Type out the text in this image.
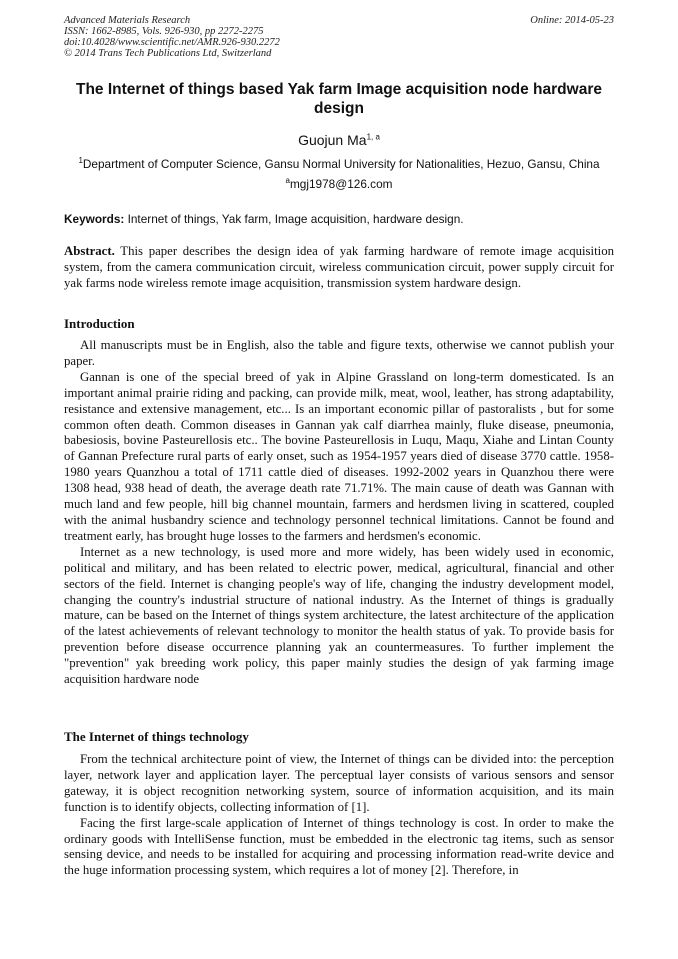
Advanced Materials Research
ISSN: 1662-8985, Vols. 926-930, pp 2272-2275
doi:10.4028/www.scientific.net/AMR.926-930.2272
© 2014 Trans Tech Publications Ltd, Switzerland
Online: 2014-05-23
The Internet of things based Yak farm Image acquisition node hardware design
Guojun Ma$^{1, a}$
$^1$Department of Computer Science, Gansu Normal University for Nationalities, Hezuo, Gansu, China
$^a$mgj1978@126.com
Keywords: Internet of things, Yak farm, Image acquisition, hardware design.
Abstract. This paper describes the design idea of yak farming hardware of remote image acquisition system, from the camera communication circuit, wireless communication circuit, power supply circuit for yak farms node wireless remote image acquisition, transmission system hardware design.
Introduction

All manuscripts must be in English, also the table and figure texts, otherwise we cannot publish your paper.

Gannan is one of the special breed of yak in Alpine Grassland on long-term domesticated. Is an important animal prairie riding and packing, can provide milk, meat, wool, leather, has strong adaptability, resistance and extensive management, etc... Is an important economic pillar of pastoralists , but for some common often death. Common diseases in Gannan yak calf diarrhea mainly, fluke disease, pneumonia, babesiosis, bovine Pasteurellosis etc.. The bovine Pasteurellosis in Luqu, Maqu, Xiahe and Lintan County of Gannan Prefecture rural parts of early onset, such as 1954-1957 years died of disease 3770 cattle. 1958-1980 years Quanzhou a total of 1711 cattle died of diseases. 1992-2002 years in Quanzhou there were 1308 head, 938 head of death, the average death rate 71.71%. The main cause of death was Gannan with much land and few people, hill big channel mountain, farmers and herdsmen living in scattered, coupled with the animal husbandry science and technology personnel technical limitations. Cannot be found and treatment early, has brought huge losses to the farmers and herdsmen's economic.

Internet as a new technology, is used more and more widely, has been widely used in economic, political and military, and has been related to electric power, medical, agricultural, financial and other sectors of the field. Internet is changing people's way of life, changing the industry development model, changing the country's industrial structure of national industry. As the Internet of things is gradually mature, can be based on the Internet of things system architecture, the latest architecture of the application of the latest achievements of relevant technology to monitor the health status of yak. To provide basis for prevention before disease occurrence planning yak an countermeasures. To further implement the "prevention" yak breeding work policy, this paper mainly studies the design of yak farming image acquisition hardware node

The Internet of things technology

From the technical architecture point of view, the Internet of things can be divided into: the perception layer, network layer and application layer. The perceptual layer consists of various sensors and sensor gateway, it is object recognition networking system, source of information acquisition, and its main function is to identify objects, collecting information of [1].

Facing the first large-scale application of Internet of things technology is cost. In order to make the ordinary goods with IntelliSense function, must be embedded in the electronic tag items, such as sensor sensing device, and needs to be installed for acquiring and processing information read-write device and the huge information processing system, which requires a lot of money [2]. Therefore, in
